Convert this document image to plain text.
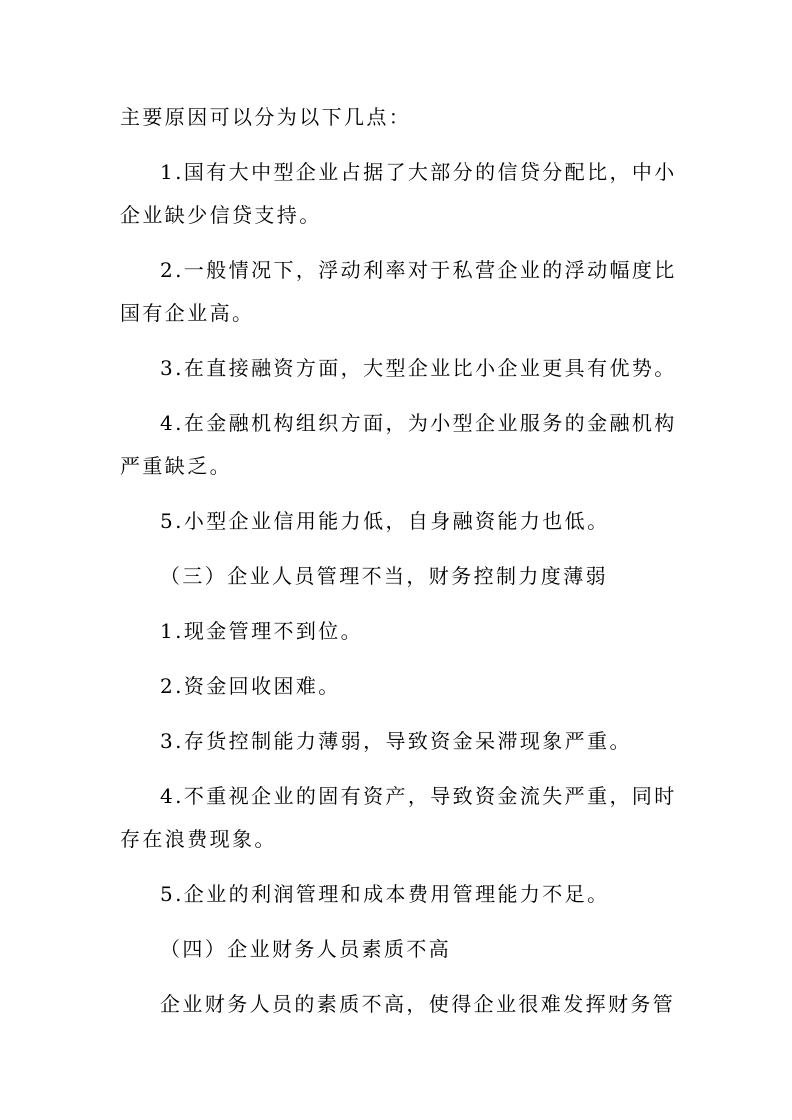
主要原因可以分为以下几点：
1.国有大中型企业占据了大部分的信贷分配比，中小
企业缺少信贷支持。
2.一般情况下，浮动利率对于私营企业的浮动幅度比
国有企业高。
3.在直接融资方面，大型企业比小企业更具有优势。
4.在金融机构组织方面，为小型企业服务的金融机构
严重缺乏。
5.小型企业信用能力低，自身融资能力也低。
（三）企业人员管理不当，财务控制力度薄弱
1.现金管理不到位。
2.资金回收困难。
3.存货控制能力薄弱，导致资金呆滞现象严重。
4.不重视企业的固有资产，导致资金流失严重，同时
存在浪费现象。
5.企业的利润管理和成本费用管理能力不足。
（四）企业财务人员素质不高
企业财务人员的素质不高，使得企业很难发挥财务管
